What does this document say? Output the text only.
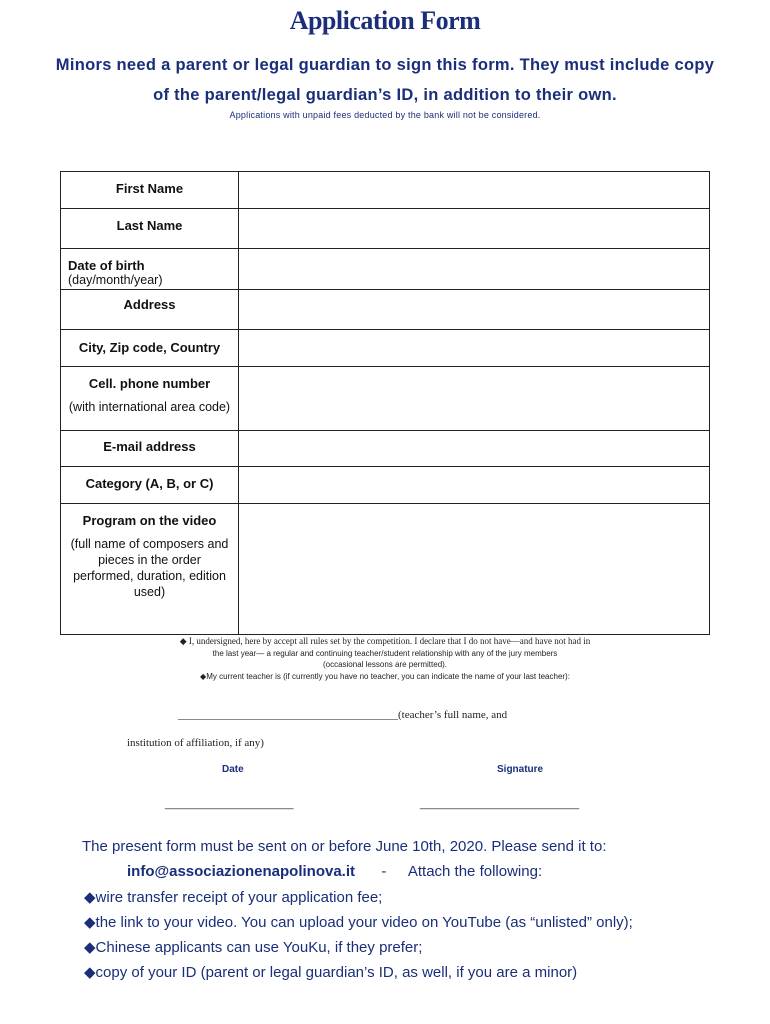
Application Form
Minors need a parent or legal guardian to sign this form. They must include copy
of the parent/legal guardian’s ID, in addition to their own.
Applications with unpaid fees deducted by the bank will not be considered.
First Name

Last Name

Date of birth
(day/month/year)

Address

City, Zip code, Country

Cell. phone number
(with international area code)

E-mail address

Category (A, B, or C)

Program on the video
(full name of composers and pieces in the order performed, duration, edition used)

◆ I, undersigned, here by accept all rules set by the competition. I declare that I do not have—and have not had in
the last year— a regular and continuing teacher/student relationship with any of the jury members
(occasional lessons are permitted).
◆My current teacher is (if currently you have no teacher, you can indicate the name of your last teacher):
________________________________________(teacher’s full name, and
institution of affiliation, if any)
Date	Signature
_____________________	__________________________
The present form must be sent on or before June 10th, 2020. Please send it to:
info@associazionenapolinova.it - Attach the following:
◆wire transfer receipt of your application fee;
◆the link to your video. You can upload your video on YouTube (as “unlisted” only);
◆Chinese applicants can use YouKu, if they prefer;
◆copy of your ID (parent or legal guardian’s ID, as well, if you are a minor)
